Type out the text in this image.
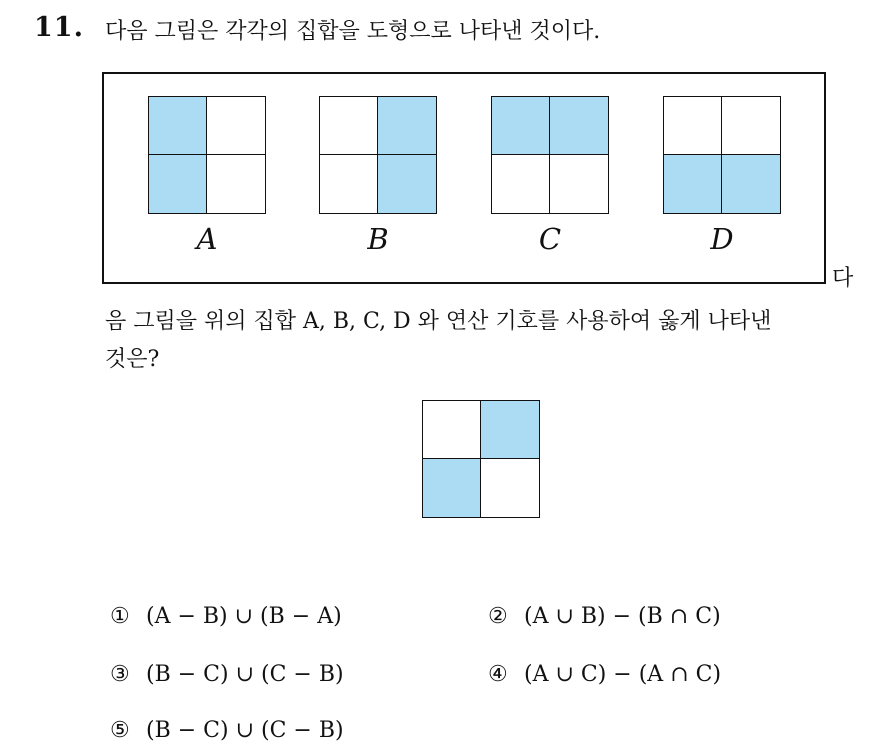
11. 다음 그림은 각각의 집합을 도형으로 나타낸 것이다.
A	B	C	D
다
음 그림을 위의 집합 A, B, C, D 와 연산 기호를 사용하여 옳게 나타낸
것은?
① (A − B) ∪ (B − A)	② (A ∪ B) − (B ∩ C)
③ (B − C) ∪ (C − B)	④ (A ∪ C) − (A ∩ C)
⑤ (B − C) ∪ (C − B)
